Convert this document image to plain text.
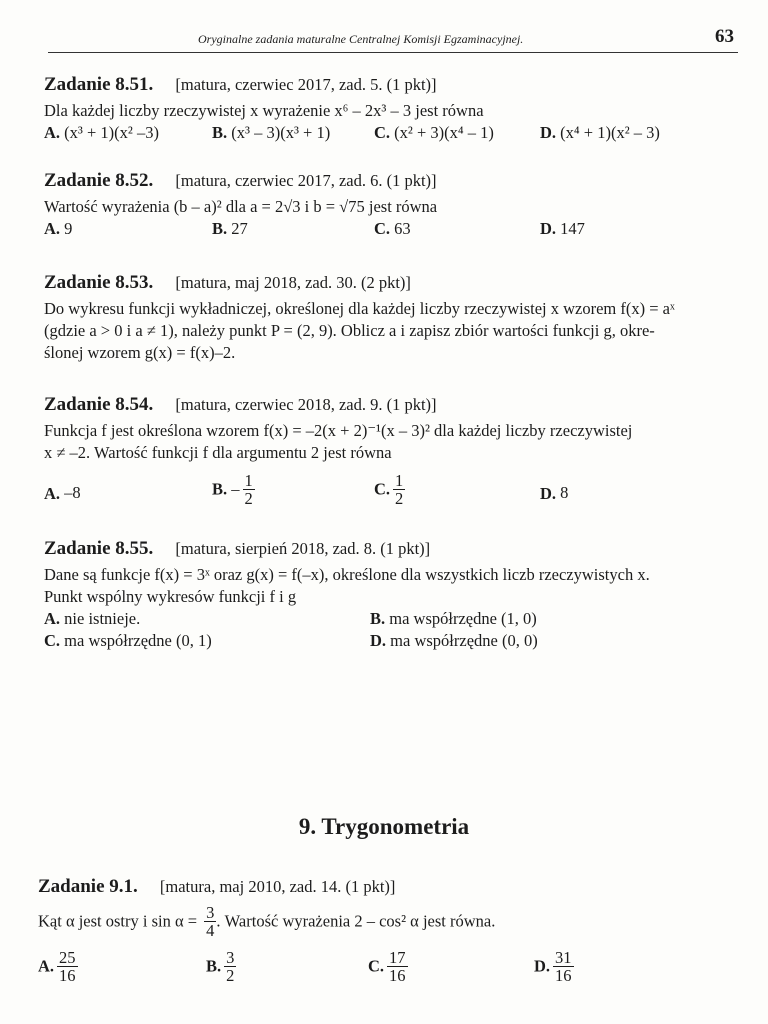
Oryginalne zadania maturalne Centralnej Komisji Egzaminacyjnej.	63
Zadanie 8.51. [matura, czerwiec 2017, zad. 5. (1 pkt)]

Dla każdej liczby rzeczywistej x wyrażenie x⁶ – 2x³ – 3 jest równa

A. (x³ + 1)(x² –3)	B. (x³ – 3)(x³ + 1)	C. (x² + 3)(x⁴ – 1)	D. (x⁴ + 1)(x² – 3)
Zadanie 8.52. [matura, czerwiec 2017, zad. 6. (1 pkt)]

Wartość wyrażenia (b – a)² dla a = 2√3 i b = √75 jest równa

A. 9	B. 27	C. 63	D. 147
Zadanie 8.53. [matura, maj 2018, zad. 30. (2 pkt)]

Do wykresu funkcji wykładniczej, określonej dla każdej liczby rzeczywistej x wzorem f(x) = aˣ

(gdzie a > 0 i a ≠ 1), należy punkt P = (2, 9). Oblicz a i zapisz zbiór wartości funkcji g, okre-

ślonej wzorem g(x) = f(x)–2.

Zadanie 8.54. [matura, czerwiec 2018, zad. 9. (1 pkt)]

Funkcja f jest określona wzorem f(x) = –2(x + 2)⁻¹(x – 3)² dla każdej liczby rzeczywistej

x ≠ –2. Wartość funkcji f dla argumentu 2 jest równa

A. –8	B. – $\frac{1}{2}$	C. $\frac{1}{2}$	D. 8
Zadanie 8.55. [matura, sierpień 2018, zad. 8. (1 pkt)]

Dane są funkcje f(x) = 3ˣ oraz g(x) = f(–x), określone dla wszystkich liczb rzeczywistych x.

Punkt wspólny wykresów funkcji f i g

A. nie istnieje.	B. ma współrzędne (1, 0)
C. ma współrzędne (0, 1)	D. ma współrzędne (0, 0)
9. Trygonometria
Zadanie 9.1. [matura, maj 2010, zad. 14. (1 pkt)]

Kąt α jest ostry i $\sin \alpha = \frac{3}{4}$ . Wartość wyrażenia 2 – cos² α jest równa.

A. $\frac{25}{16}$	B. $\frac{3}{2}$	C. $\frac{17}{16}$	D. $\frac{31}{16}$
